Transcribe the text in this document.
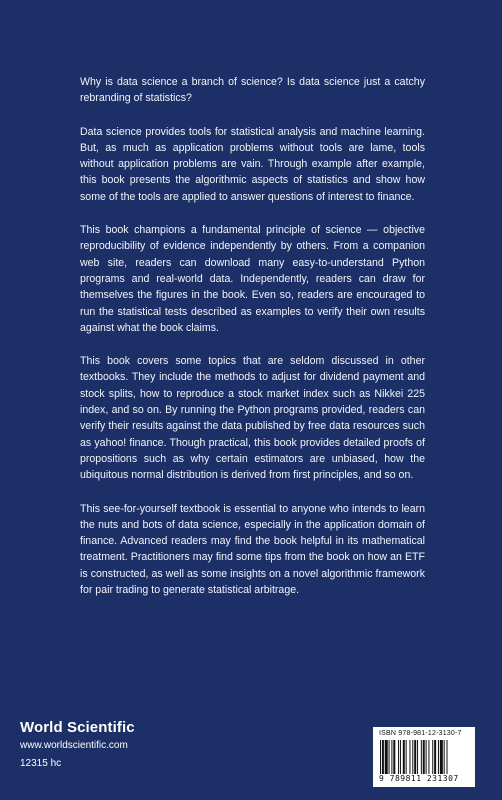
Why is data science a branch of science? Is data science just a catchy rebranding of statistics?

Data science provides tools for statistical analysis and machine learning. But, as much as application problems without tools are lame, tools without application problems are vain. Through example after example, this book presents the algorithmic aspects of statistics and show how some of the tools are applied to answer questions of interest to finance.

This book champions a fundamental principle of science — objective reproducibility of evidence independently by others. From a companion web site, readers can download many easy-to-understand Python programs and real-world data. Independently, readers can draw for themselves the figures in the book. Even so, readers are encouraged to run the statistical tests described as examples to verify their own results against what the book claims.

This book covers some topics that are seldom discussed in other textbooks. They include the methods to adjust for dividend payment and stock splits, how to reproduce a stock market index such as Nikkei 225 index, and so on. By running the Python programs provided, readers can verify their results against the data published by free data resources such as yahoo! finance. Though practical, this book provides detailed proofs of propositions such as why certain estimators are unbiased, how the ubiquitous normal distribution is derived from first principles, and so on.

This see-for-yourself textbook is essential to anyone who intends to learn the nuts and bots of data science, especially in the application domain of finance. Advanced readers may find the book helpful in its mathematical treatment. Practitioners may find some tips from the book on how an ETF is constructed, as well as some insights on a novel algorithmic framework for pair trading to generate statistical arbitrage.

World Scientific
www.worldscientific.com
12315 hc
ISBN 978-981-12-3130-7
9 789811 231307
